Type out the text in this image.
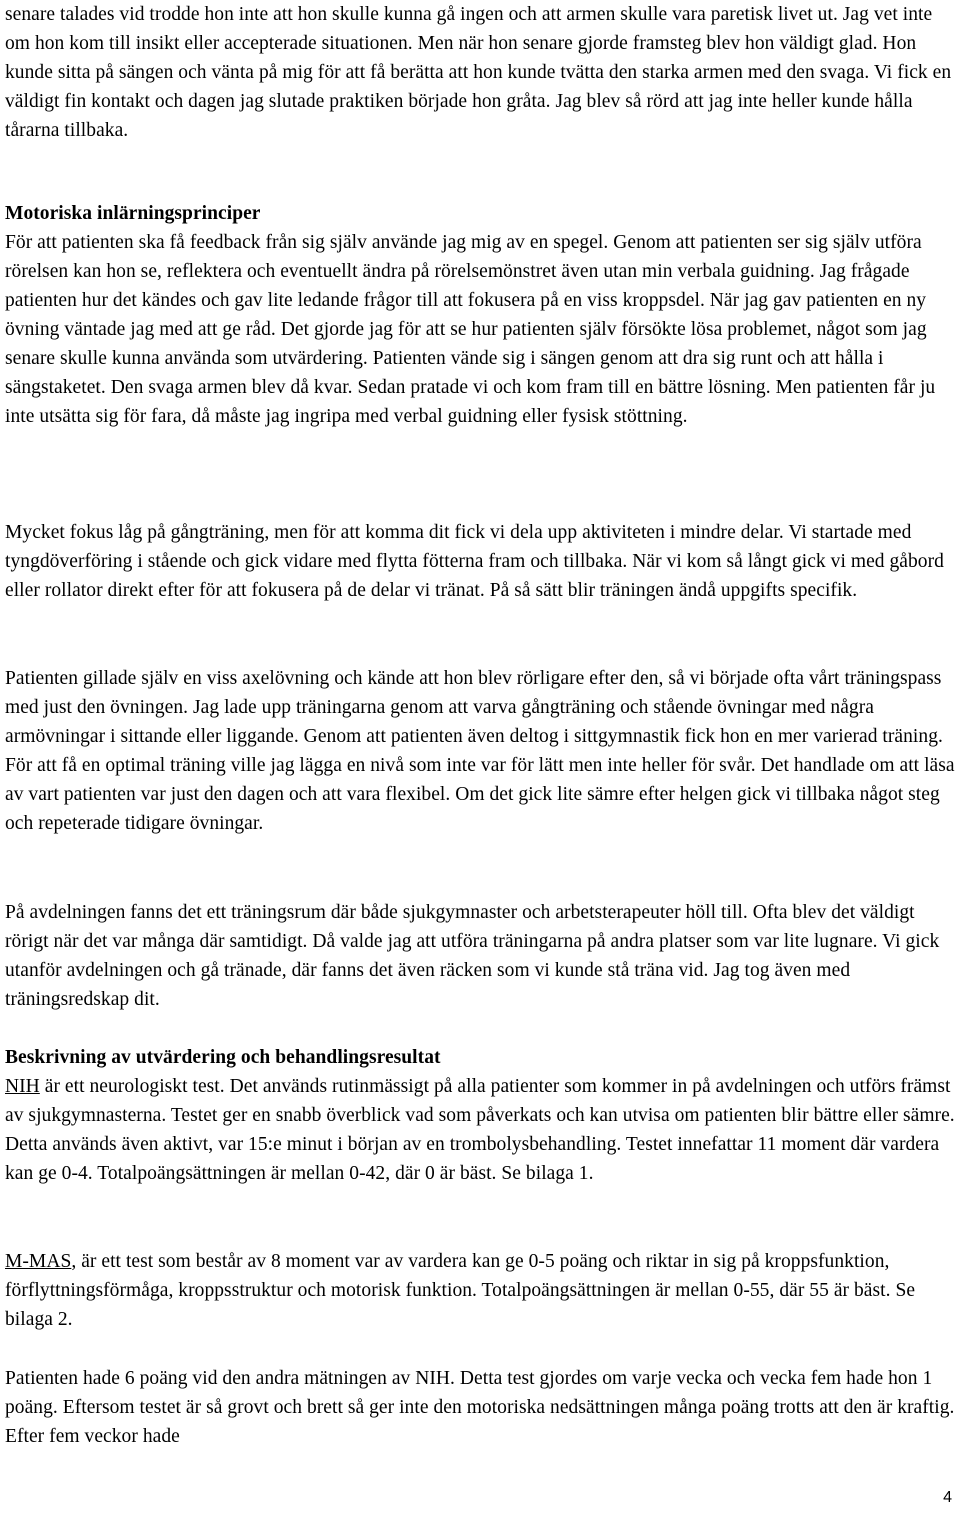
senare talades vid trodde hon inte att hon skulle kunna gå ingen och att armen skulle vara paretisk livet ut. Jag vet inte om hon kom till insikt eller accepterade situationen. Men när hon senare gjorde framsteg blev hon väldigt glad. Hon kunde sitta på sängen och vänta på mig för att få berätta att hon kunde tvätta den starka armen med den svaga. Vi fick en väldigt fin kontakt och dagen jag slutade praktiken började hon gråta. Jag blev så rörd att jag inte heller kunde hålla tårarna tillbaka.

Motoriska inlärningsprinciper

För att patienten ska få feedback från sig själv använde jag mig av en spegel. Genom att patienten ser sig själv utföra rörelsen kan hon se, reflektera och eventuellt ändra på rörelsemönstret även utan min verbala guidning. Jag frågade patienten hur det kändes och gav lite ledande frågor till att fokusera på en viss kroppsdel. När jag gav patienten en ny övning väntade jag med att ge råd. Det gjorde jag för att se hur patienten själv försökte lösa problemet, något som jag senare skulle kunna använda som utvärdering. Patienten vände sig i sängen genom att dra sig runt och att hålla i sängstaketet. Den svaga armen blev då kvar. Sedan pratade vi och kom fram till en bättre lösning. Men patienten får ju inte utsätta sig för fara, då måste jag ingripa med verbal guidning eller fysisk stöttning.

Mycket fokus låg på gångträning, men för att komma dit fick vi dela upp aktiviteten i mindre delar. Vi startade med tyngdöverföring i stående och gick vidare med flytta fötterna fram och tillbaka. När vi kom så långt gick vi med gåbord eller rollator direkt efter för att fokusera på de delar vi tränat. På så sätt blir träningen ändå uppgifts specifik.

Patienten gillade själv en viss axelövning och kände att hon blev rörligare efter den, så vi började ofta vårt träningspass med just den övningen. Jag lade upp träningarna genom att varva gångträning och stående övningar med några armövningar i sittande eller liggande. Genom att patienten även deltog i sittgymnastik fick hon en mer varierad träning. För att få en optimal träning ville jag lägga en nivå som inte var för lätt men inte heller för svår. Det handlade om att läsa av vart patienten var just den dagen och att vara flexibel. Om det gick lite sämre efter helgen gick vi tillbaka något steg och repeterade tidigare övningar.

På avdelningen fanns det ett träningsrum där både sjukgymnaster och arbetsterapeuter höll till. Ofta blev det väldigt rörigt när det var många där samtidigt. Då valde jag att utföra träningarna på andra platser som var lite lugnare. Vi gick utanför avdelningen och gå tränade, där fanns det även räcken som vi kunde stå träna vid. Jag tog även med träningsredskap dit.

Beskrivning av utvärdering och behandlingsresultat

NIH är ett neurologiskt test. Det används rutinmässigt på alla patienter som kommer in på avdelningen och utförs främst av sjukgymnasterna. Testet ger en snabb överblick vad som påverkats och kan utvisa om patienten blir bättre eller sämre. Detta används även aktivt, var 15:e minut i början av en trombolysbehandling. Testet innefattar 11 moment där vardera kan ge 0-4. Totalpoängsättningen är mellan 0-42, där 0 är bäst. Se bilaga 1.

M-MAS, är ett test som består av 8 moment var av vardera kan ge 0-5 poäng och riktar in sig på kroppsfunktion, förflyttningsförmåga, kroppsstruktur och motorisk funktion. Totalpoängsättningen är mellan 0-55, där 55 är bäst. Se bilaga 2.

Patienten hade 6 poäng vid den andra mätningen av NIH. Detta test gjordes om varje vecka och vecka fem hade hon 1 poäng. Eftersom testet är så grovt och brett så ger inte den motoriska nedsättningen många poäng trotts att den är kraftig. Efter fem veckor hade

4
